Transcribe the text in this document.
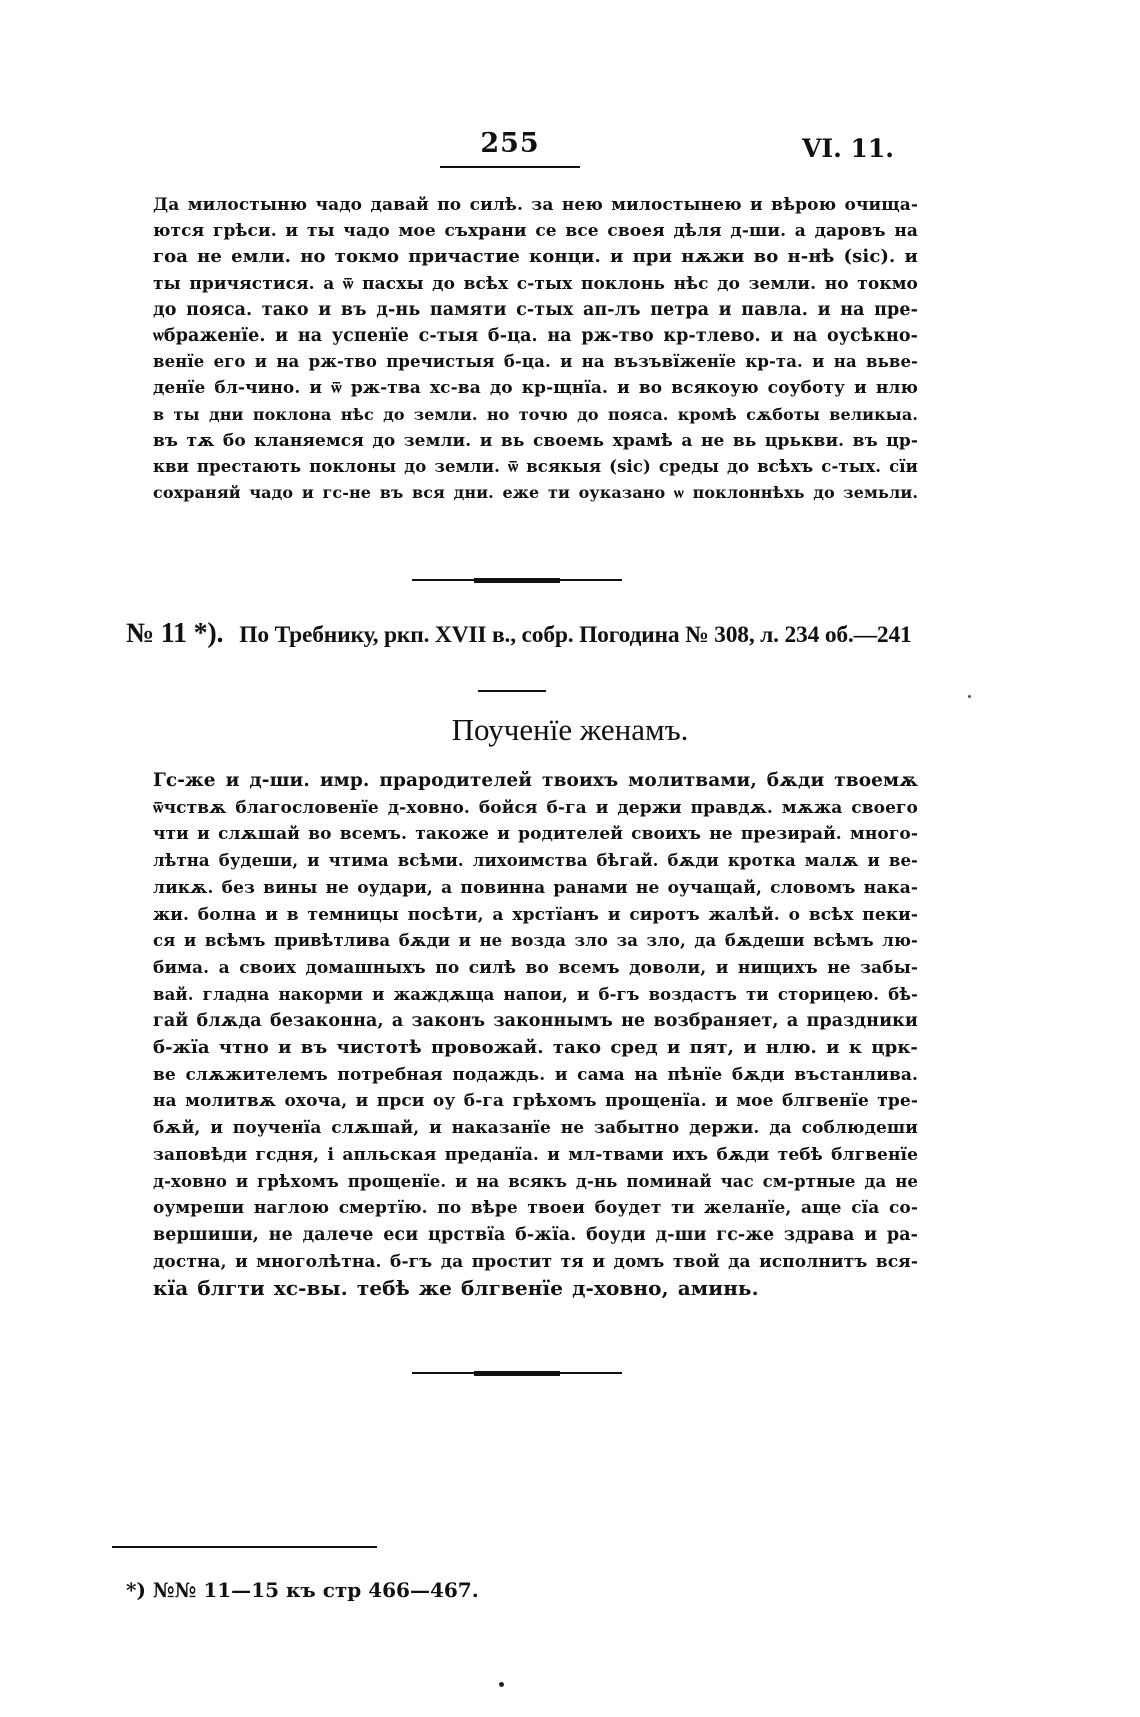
255	VI. 11.
Да милостыню чадо давай по силѣ. за нею милостынею и вѣрою очища-
ются грѣси. и ты чадо мое съхрани се все своея дѣля д-ши. а даровъ на
гоа не емли. но токмо причастие конци. и при нѫжи во н-нѣ (sic). и
ты причястися. а ѿ пасхы до всѣх с-тых поклонь нѣс до земли. но токмо
до пояса. тако и въ д-нь памяти с-тых ап-лъ петра и павла. и на пре-
ѡбраженїе. и на успенїе с-тыя б-ца. на рж-тво кр-тлево. и на оусѣкно-
венїе его и на рж-тво пречистыя б-ца. и на възъвїженїе кр-та. и на вьве-
денїе бл-чино. и ѿ рж-тва хс-ва до кр-щнїа. и во всякоую соуботу и нлю
в ты дни поклона нѣс до земли. но точю до пояса. кромѣ сѫботы великыа.
въ тѫ бо кланяемся до земли. и вь своемь храмѣ а не вь црькви. въ цр-
кви престають поклоны до земли. ѿ всякыя (sic) среды до всѣхъ с-тых. сїи
сохраняй чадо и гс-не въ вся дни. еже ти оуказано ѡ поклоннѣхь до земьли.
№ 11 *). По Требнику, ркп. XVII в., собр. Погодина № 308, л. 234 об.—241
Поученїе женамъ.
Гс-же и д-ши. имр. прародителей твоихъ молитвами, бѫди твоемѫ
ѿчствѫ благословенїе д-ховно. бойся б-га и держи правдѫ. мѫжа своего
чти и слѫшай во всемъ. такоже и родителей своихъ не презирай. много-
лѣтна будеши, и чтима всѣми. лихоимства бѣгай. бѫди кротка малѫ и ве-
ликѫ. без вины не оудари, а повинна ранами не оучащай, словомъ нака-
жи. болна и в темницы посѣти, а хрстїанъ и сиротъ жалѣй. о всѣх пеки-
ся и всѣмъ привѣтлива бѫди и не возда зло за зло, да бѫдеши всѣмъ лю-
бима. а своих домашныхъ по силѣ во всемъ доволи, и нищихъ не забы-
вай. гладна накорми и жаждѫща напои, и б-гъ воздастъ ти сторицею. бѣ-
гай блѫда безаконна, а законъ законнымъ не возбраняет, а праздники
б-жїа чтно и въ чистотѣ провожай. тако сред и пят, и нлю. и к црк-
ве слѫжителемъ потребная подаждь. и сама на пѣнїе бѫди въстанлива.
на молитвѫ охоча, и прси оу б-га грѣхомъ прощенїа. и мое блгвенїе тре-
бѫй, и поученїа слѫшай, и наказанїе не забытно держи. да соблюдеши
заповѣди гсдня, і апльская преданїа. и мл-твами ихъ бѫди тебѣ блгвенїе
д-ховно и грѣхомъ прощенїе. и на всякъ д-нь поминай час см-ртные да не
оумреши наглою смертїю. по вѣре твоеи боудет ти желанїе, аще сїа со-
вершиши, не далече еси црствїа б-жїа. боуди д-ши гс-же здрава и ра-
достна, и многолѣтна. б-гъ да простит тя и домъ твой да исполнитъ вся-
кїа блгти хс-вы. тебѣ же блгвенїе д-ховно, аминь.
*) №№ 11—15 къ стр 466—467.
